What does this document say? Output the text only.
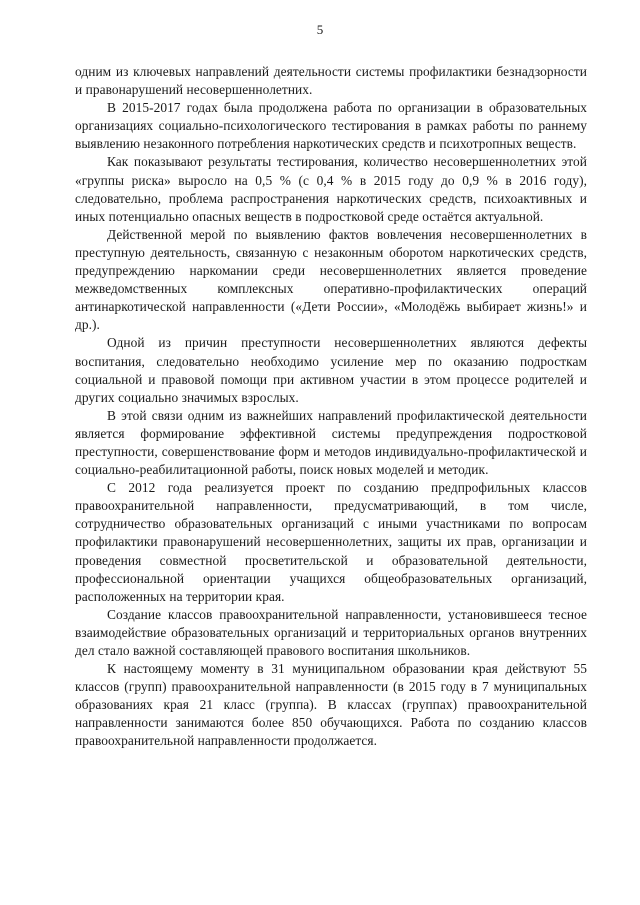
5

одним из ключевых направлений деятельности системы профилактики безнадзорности и правонарушений несовершеннолетних.

В 2015-2017 годах была продолжена работа по организации в образовательных организациях социально-психологического тестирования в рамках работы по раннему выявлению незаконного потребления наркотических средств и психотропных веществ.

Как показывают результаты тестирования, количество несовершеннолетних этой «группы риска» выросло на 0,5 % (с 0,4 % в 2015 году до 0,9 % в 2016 году), следовательно, проблема распространения наркотических средств, психоактивных и иных потенциально опасных веществ в подростковой среде остаётся актуальной.

Действенной мерой по выявлению фактов вовлечения несовершеннолетних в преступную деятельность, связанную с незаконным оборотом наркотических средств, предупреждению наркомании среди несовершеннолетних является проведение межведомственных комплексных оперативно-профилактических операций антинаркотической направленности («Дети России», «Молодёжь выбирает жизнь!» и др.).

Одной из причин преступности несовершеннолетних являются дефекты воспитания, следовательно необходимо усиление мер по оказанию подросткам социальной и правовой помощи при активном участии в этом процессе родителей и других социально значимых взрослых.

В этой связи одним из важнейших направлений профилактической деятельности является формирование эффективной системы предупреждения подростковой преступности, совершенствование форм и методов индивидуально-профилактической и социально-реабилитационной работы, поиск новых моделей и методик.

С 2012 года реализуется проект по созданию предпрофильных классов правоохранительной направленности, предусматривающий, в том числе, сотрудничество образовательных организаций с иными участниками по вопросам профилактики правонарушений несовершеннолетних, защиты их прав, организации и проведения совместной просветительской и образовательной деятельности, профессиональной ориентации учащихся общеобразовательных организаций, расположенных на территории края.

Создание классов правоохранительной направленности, установившееся тесное взаимодействие образовательных организаций и территориальных органов внутренних дел стало важной составляющей правового воспитания школьников.

К настоящему моменту в 31 муниципальном образовании края действуют 55 классов (групп) правоохранительной направленности (в 2015 году в 7 муниципальных образованиях края 21 класс (группа). В классах (группах) правоохранительной направленности занимаются более 850 обучающихся. Работа по созданию классов правоохранительной направленности продолжается.
